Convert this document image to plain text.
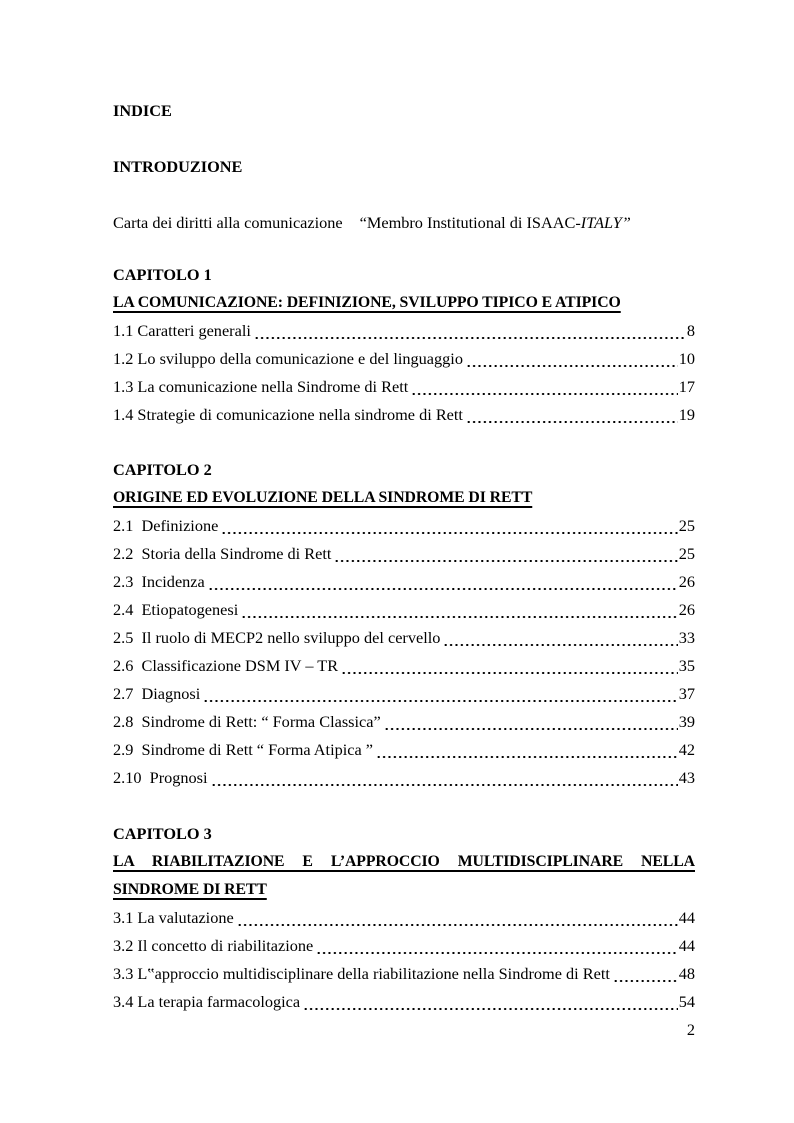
INDICE
INTRODUZIONE

Carta dei diritti alla comunicazione “Membro Institutional di ISAAC-ITALY”

CAPITOLO 1
LA COMUNICAZIONE: DEFINIZIONE, SVILUPPO TIPICO E ATIPICO
1.1 Caratteri generali	8
1.2 Lo sviluppo della comunicazione e del linguaggio	10
1.3 La comunicazione nella Sindrome di Rett	17
1.4 Strategie di comunicazione nella sindrome di Rett	19
CAPITOLO 2
ORIGINE ED EVOLUZIONE DELLA SINDROME DI RETT
2.1  Definizione	25
2.2  Storia della Sindrome di Rett	25
2.3  Incidenza	26
2.4  Etiopatogenesi	26
2.5  Il ruolo di MECP2 nello sviluppo del cervello	33
2.6  Classificazione DSM IV – TR	35
2.7  Diagnosi	37
2.8  Sindrome di Rett: “ Forma Classica”	39
2.9  Sindrome di Rett “ Forma Atipica ”	42
2.10  Prognosi	43
CAPITOLO 3
LA RIABILITAZIONE E L’APPROCCIO MULTIDISCIPLINARE NELLA
SINDROME DI RETT
3.1 La valutazione	44
3.2 Il concetto di riabilitazione	44
3.3 L‟approccio multidisciplinare della riabilitazione nella Sindrome di Rett	48
3.4 La terapia farmacologica	54
2
